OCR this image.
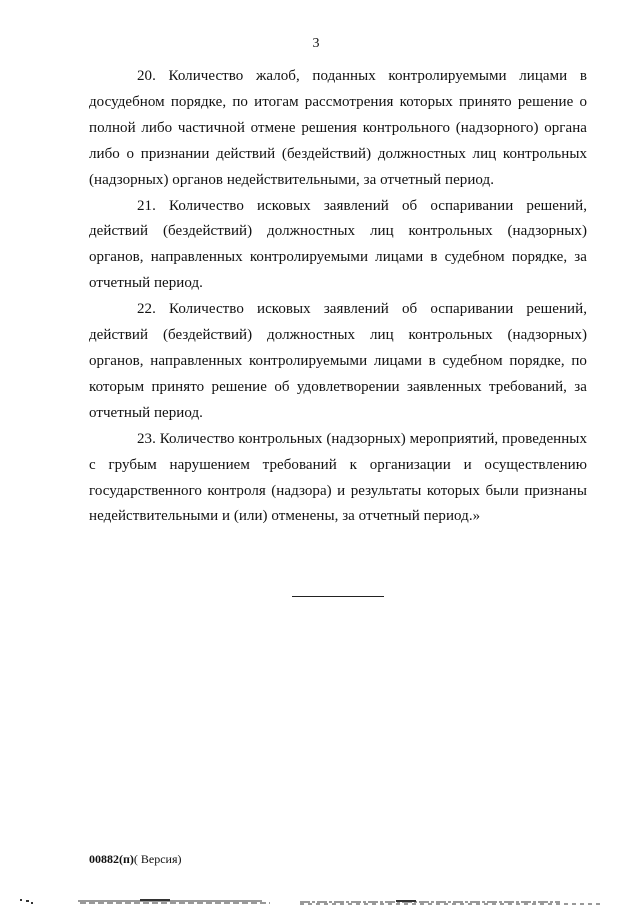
3

20. Количество жалоб, поданных контролируемыми лицами в досудебном порядке, по итогам рассмотрения которых принято решение о полной либо частичной отмене решения контрольного (надзорного) органа либо о признании действий (бездействий) должностных лиц контрольных (надзорных) органов недействительными, за отчетный период.

21. Количество исковых заявлений об оспаривании решений, действий (бездействий) должностных лиц контрольных (надзорных) органов, направленных контролируемыми лицами в судебном порядке, за отчетный период.

22. Количество исковых заявлений об оспаривании решений, действий (бездействий) должностных лиц контрольных (надзорных) органов, направленных контролируемыми лицами в судебном порядке, по которым принято решение об удовлетворении заявленных требований, за отчетный период.

23. Количество контрольных (надзорных) мероприятий, проведенных с грубым нарушением требований к организации и осуществлению государственного контроля (надзора) и результаты которых были признаны недействительными и (или) отменены, за отчетный период.»

00882(п)( Версия)
